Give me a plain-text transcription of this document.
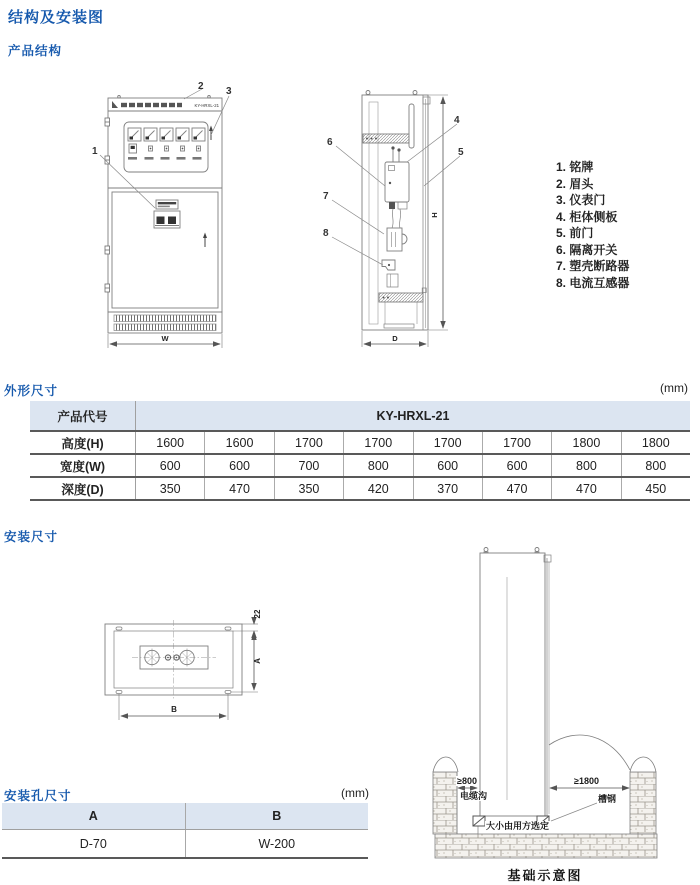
结构及安装图
产品结构
W
KY-HRXL-21
2 3
1
H
D
4
5
6
7
8
1. 铭牌
2. 眉头
3. 仪表门
4. 柜体侧板
5. 前门
6. 隔离开关
7. 塑壳断路器
8. 电流互感器
外形尺寸	(mm)
产品代号	KY-HRXL-21
高度(H)	1600	1600	1700	1700	1700	1700	1800	1800
宽度(W)	600	600	700	800	600	600	800	800
深度(D)	350	470	350	420	370	470	470	450
安装尺寸
22
A
B
≥800
电缆沟
≥1800
槽钢
大小由用方选定
基础示意图
安装孔尺寸	(mm)
A	B
D-70	W-200
